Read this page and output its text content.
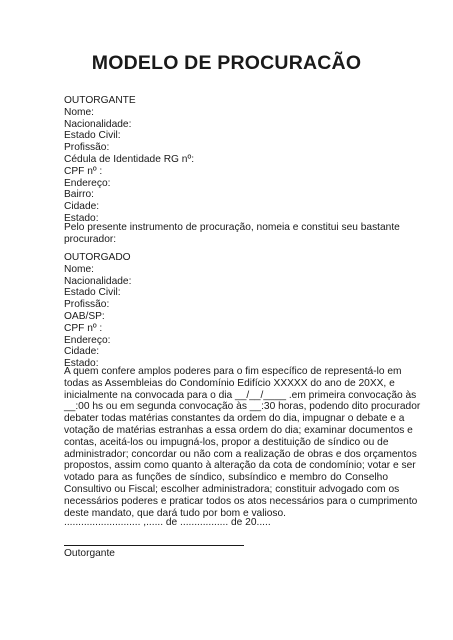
MODELO DE PROCURACÃO
OUTORGANTE
Nome:
Nacionalidade:
Estado Civil:
Profissão:
Cédula de Identidade RG nº:
CPF nº :
Endereço:
Bairro:
Cidade:
Estado:
Pelo presente instrumento de procuração, nomeia e constitui seu bastante
procurador:
OUTORGADO
Nome:
Nacionalidade:
Estado Civil:
Profissão:
OAB/SP:
CPF nº :
Endereço:
Cidade:
Estado:
A quem confere amplos poderes para o fim específico de representá-lo em
todas as Assembleias do Condomínio Edifício XXXXX do ano de 20XX, e
inicialmente na convocada para o dia __/__/____ .em primeira convocação às
__:00 hs ou em segunda convocação às __:30 horas, podendo dito procurador
debater todas matérias constantes da ordem do dia, impugnar o debate e a
votação de matérias estranhas a essa ordem do dia; examinar documentos e
contas, aceitá-los ou impugná-los, propor a destituição de síndico ou de
administrador; concordar ou não com a realização de obras e dos orçamentos
propostos, assim como quanto à alteração da cota de condomínio; votar e ser
votado para as funções de síndico, subsíndico e membro do Conselho
Consultivo ou Fiscal; escolher administradora; constituir advogado com os
necessários poderes e praticar todos os atos necessários para o cumprimento
deste mandato, que dará tudo por bom e valioso.
........................... ,...... de ................. de 20.....
Outorgante
